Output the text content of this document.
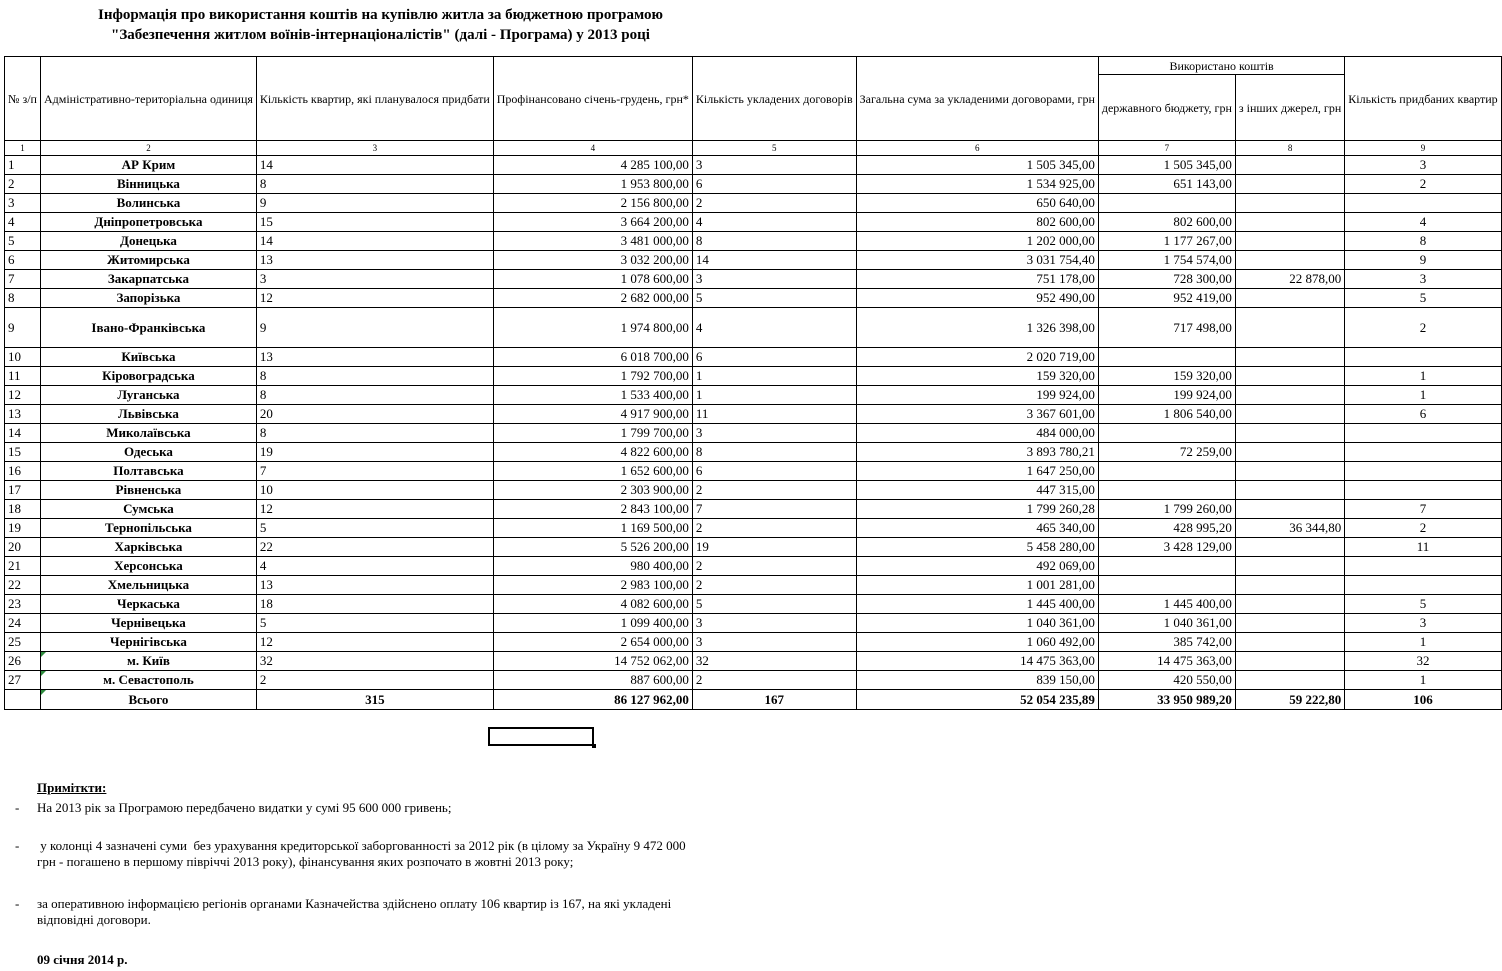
Інформація про використання коштів на купівлю житла за бюджетною програмою
"Забезпечення житлом воїнів-інтернаціоналістів" (далі - Програма) у 2013 році
№ з/п	Адміністративно-територіальна одиниця	Кількість квартир, які планувалося придбати	Профінансовано січень-грудень, грн*	Кількість укладених договорів	Загальна сума за укладеними договорами, грн	Використано коштів		Кількість придбаних квартир
						державного бюджету, грн	з інших джерел, грн	
1	2	3	4	5	6	7	8	9
1	АР Крим	14	4 285 100,00	3	1 505 345,00	1 505 345,00		3
2	Вінницька	8	1 953 800,00	6	1 534 925,00	651 143,00		2
3	Волинська	9	2 156 800,00	2	650 640,00			
4	Дніпропетровська	15	3 664 200,00	4	802 600,00	802 600,00		4
5	Донецька	14	3 481 000,00	8	1 202 000,00	1 177 267,00		8
6	Житомирська	13	3 032 200,00	14	3 031 754,40	1 754 574,00		9
7	Закарпатська	3	1 078 600,00	3	751 178,00	728 300,00	22 878,00	3
8	Запорізька	12	2 682 000,00	5	952 490,00	952 419,00		5
9	Івано-Франківська	9	1 974 800,00	4	1 326 398,00	717 498,00		2
10	Київська	13	6 018 700,00	6	2 020 719,00			
11	Кіровоградська	8	1 792 700,00	1	159 320,00	159 320,00		1
12	Луганська	8	1 533 400,00	1	199 924,00	199 924,00		1
13	Львівська	20	4 917 900,00	11	3 367 601,00	1 806 540,00		6
14	Миколаївська	8	1 799 700,00	3	484 000,00			
15	Одеська	19	4 822 600,00	8	3 893 780,21	72 259,00		
16	Полтавська	7	1 652 600,00	6	1 647 250,00			
17	Рівненська	10	2 303 900,00	2	447 315,00			
18	Сумська	12	2 843 100,00	7	1 799 260,28	1 799 260,00		7
19	Тернопільська	5	1 169 500,00	2	465 340,00	428 995,20	36 344,80	2
20	Харківська	22	5 526 200,00	19	5 458 280,00	3 428 129,00		11
21	Херсонська	4	980 400,00	2	492 069,00			
22	Хмельницька	13	2 983 100,00	2	1 001 281,00			
23	Черкаська	18	4 082 600,00	5	1 445 400,00	1 445 400,00		5
24	Чернівецька	5	1 099 400,00	3	1 040 361,00	1 040 361,00		3
25	Чернігівська	12	2 654 000,00	3	1 060 492,00	385 742,00		1
26	м. Київ	32	14 752 062,00	32	14 475 363,00	14 475 363,00		32
27	м. Севастополь	2	887 600,00	2	839 150,00	420 550,00		1
	Всього	315	86 127 962,00	167	52 054 235,89	33 950 989,20	59 222,80	106
Приміткти:
- На 2013 рік за Програмою передбачено видатки у сумі 95 600 000 гривень;
- у колонці 4 зазначені суми  без урахування кредиторської заборгованності за 2012 рік (в цілому за Україну 9 472 000 грн - погашено в першому півріччі 2013 року), фінансування яких розпочато в жовтні 2013 року;
- за оперативною інформацією регіонів органами Казначейства здійснено оплату 106 квартир із 167, на які укладені відповідні договори.
09 січня 2014 р.
